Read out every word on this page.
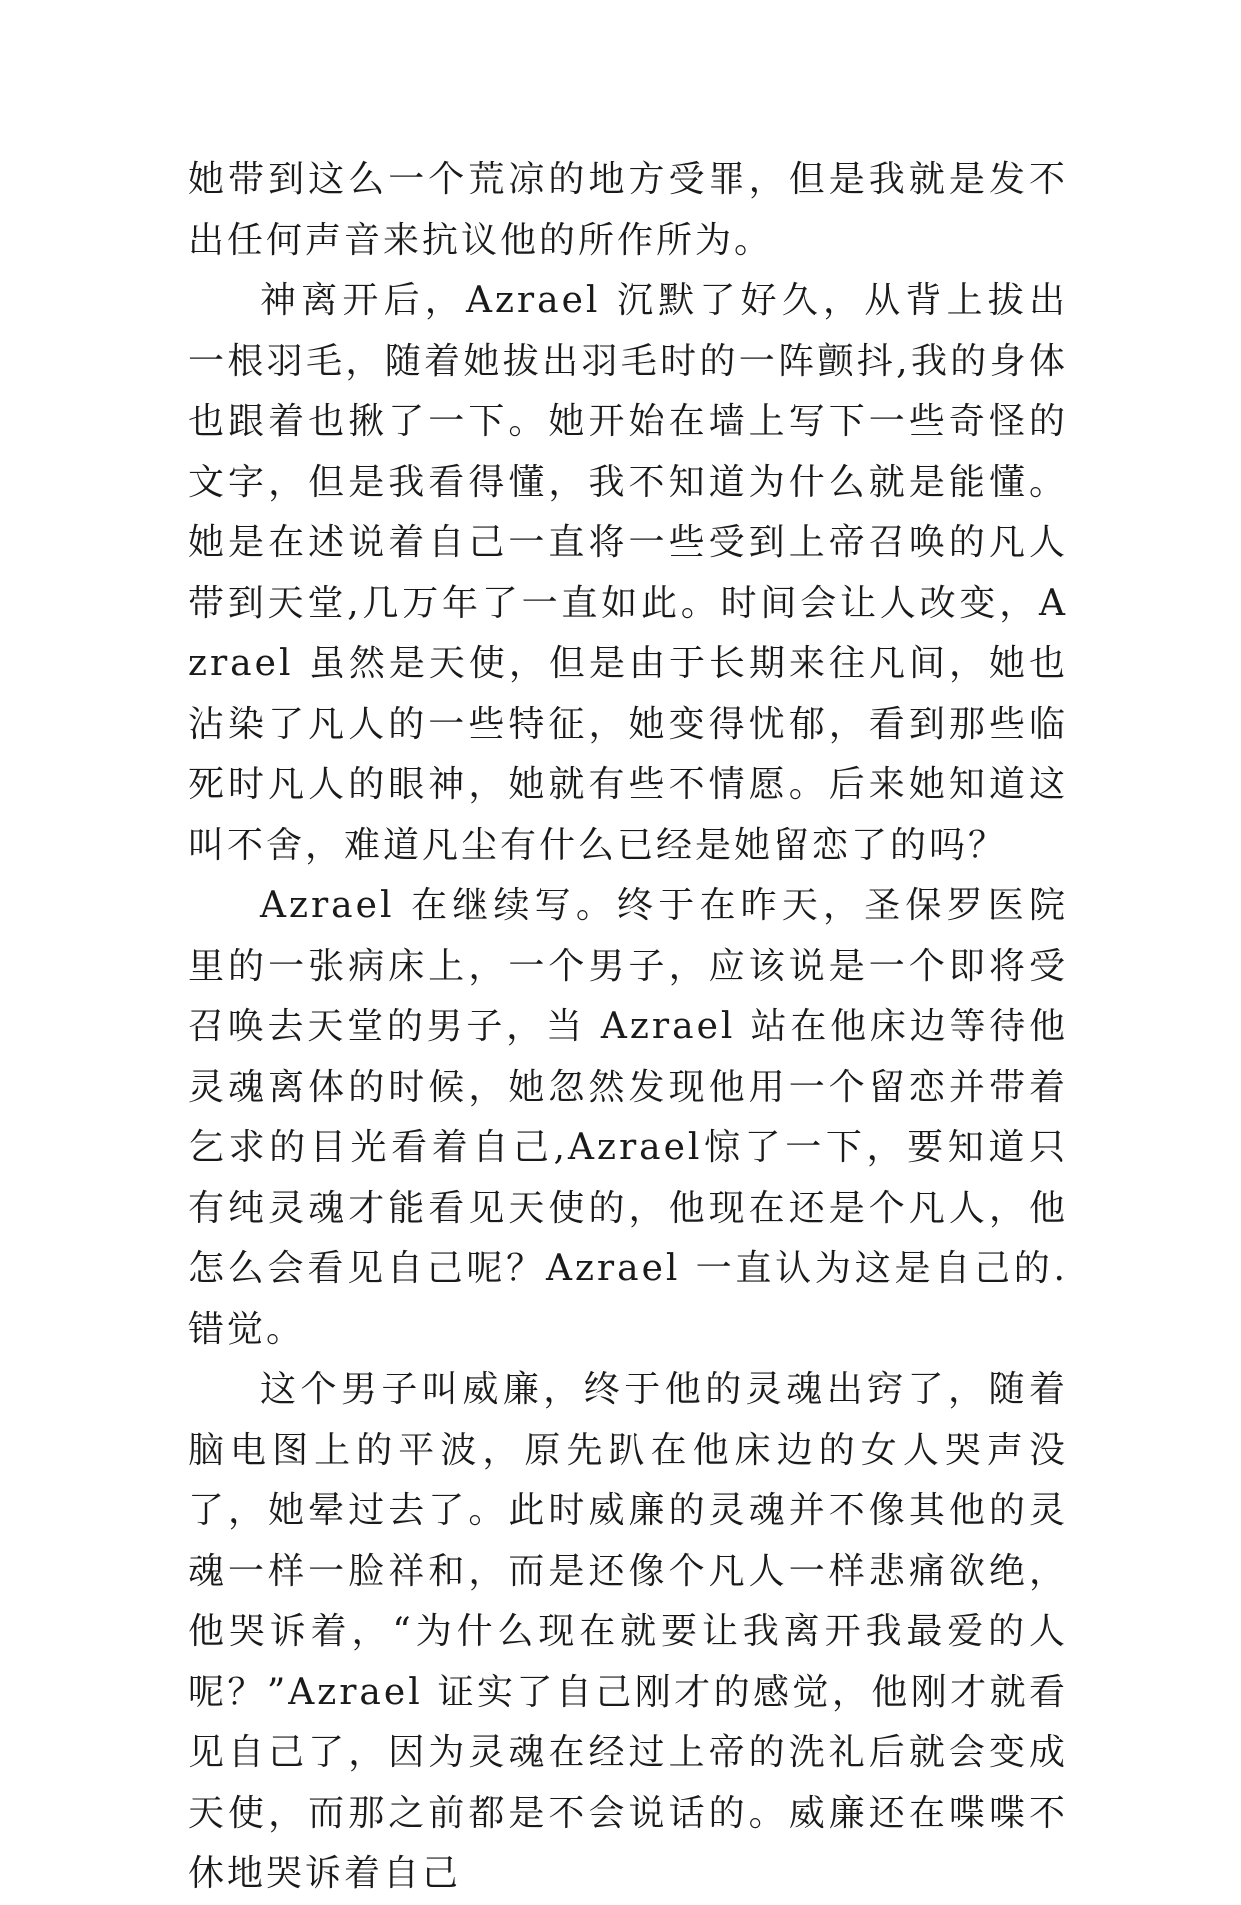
她带到这么一个荒凉的地方受罪，但是我就是发不出任何声音来抗议他的所作所为。

神离开后，Azrael 沉默了好久，从背上拔出一根羽毛，随着她拔出羽毛时的一阵颤抖,我的身体也跟着也揪了一下。她开始在墙上写下一些奇怪的文字，但是我看得懂，我不知道为什么就是能懂。她是在述说着自己一直将一些受到上帝召唤的凡人带到天堂,几万年了一直如此。时间会让人改变，Azrael 虽然是天使，但是由于长期来往凡间，她也沾染了凡人的一些特征，她变得忧郁，看到那些临死时凡人的眼神，她就有些不情愿。后来她知道这叫不舍，难道凡尘有什么已经是她留恋了的吗？

Azrael 在继续写。终于在昨天，圣保罗医院里的一张病床上，一个男子，应该说是一个即将受召唤去天堂的男子，当 Azrael 站在他床边等待他灵魂离体的时候，她忽然发现他用一个留恋并带着乞求的目光看着自己,Azrael惊了一下，要知道只有纯灵魂才能看见天使的，他现在还是个凡人，他怎么会看见自己呢？Azrael 一直认为这是自己的.错觉。

这个男子叫威廉，终于他的灵魂出窍了，随着脑电图上的平波，原先趴在他床边的女人哭声没了，她晕过去了。此时威廉的灵魂并不像其他的灵魂一样一脸祥和，而是还像个凡人一样悲痛欲绝，他哭诉着，“为什么现在就要让我离开我最爱的人呢？”Azrael 证实了自己刚才的感觉，他刚才就看见自己了，因为灵魂在经过上帝的洗礼后就会变成天使，而那之前都是不会说话的。威廉还在喋喋不休地哭诉着自己
